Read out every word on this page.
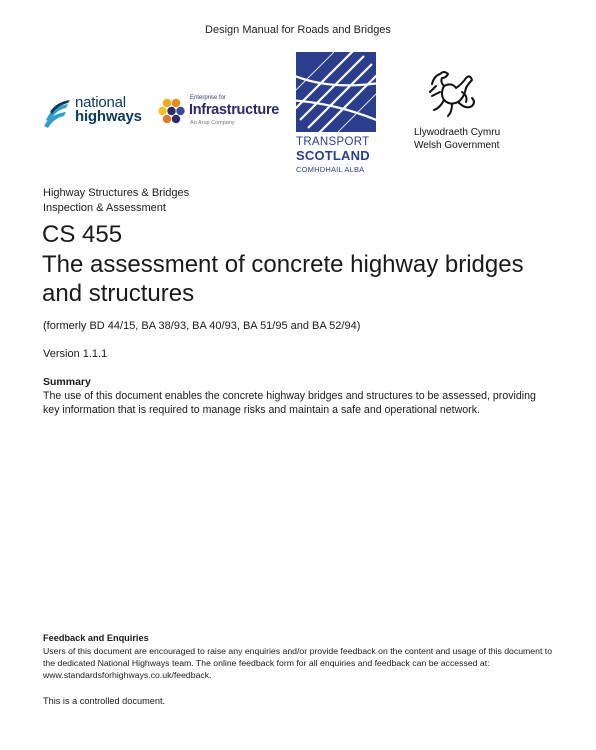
Design Manual for Roads and Bridges
national
highways
Enterprise for
Infrastructure
An Arup Company
TRANSPORT
SCOTLAND
COMHDHAIL ALBA
Llywodraeth Cymru
Welsh Government
Highway Structures & Bridges
Inspection & Assessment
CS 455
The assessment of concrete highway bridges and structures
(formerly BD 44/15, BA 38/93, BA 40/93, BA 51/95 and BA 52/94)
Version 1.1.1
Summary
The use of this document enables the concrete highway bridges and structures to be assessed, providing key information that is required to manage risks and maintain a safe and operational network.
Feedback and Enquiries
Users of this document are encouraged to raise any enquiries and/or provide feedback on the content and usage of this document to the dedicated National Highways team. The online feedback form for all enquiries and feedback can be accessed at: www.standardsforhighways.co.uk/feedback.
This is a controlled document.
